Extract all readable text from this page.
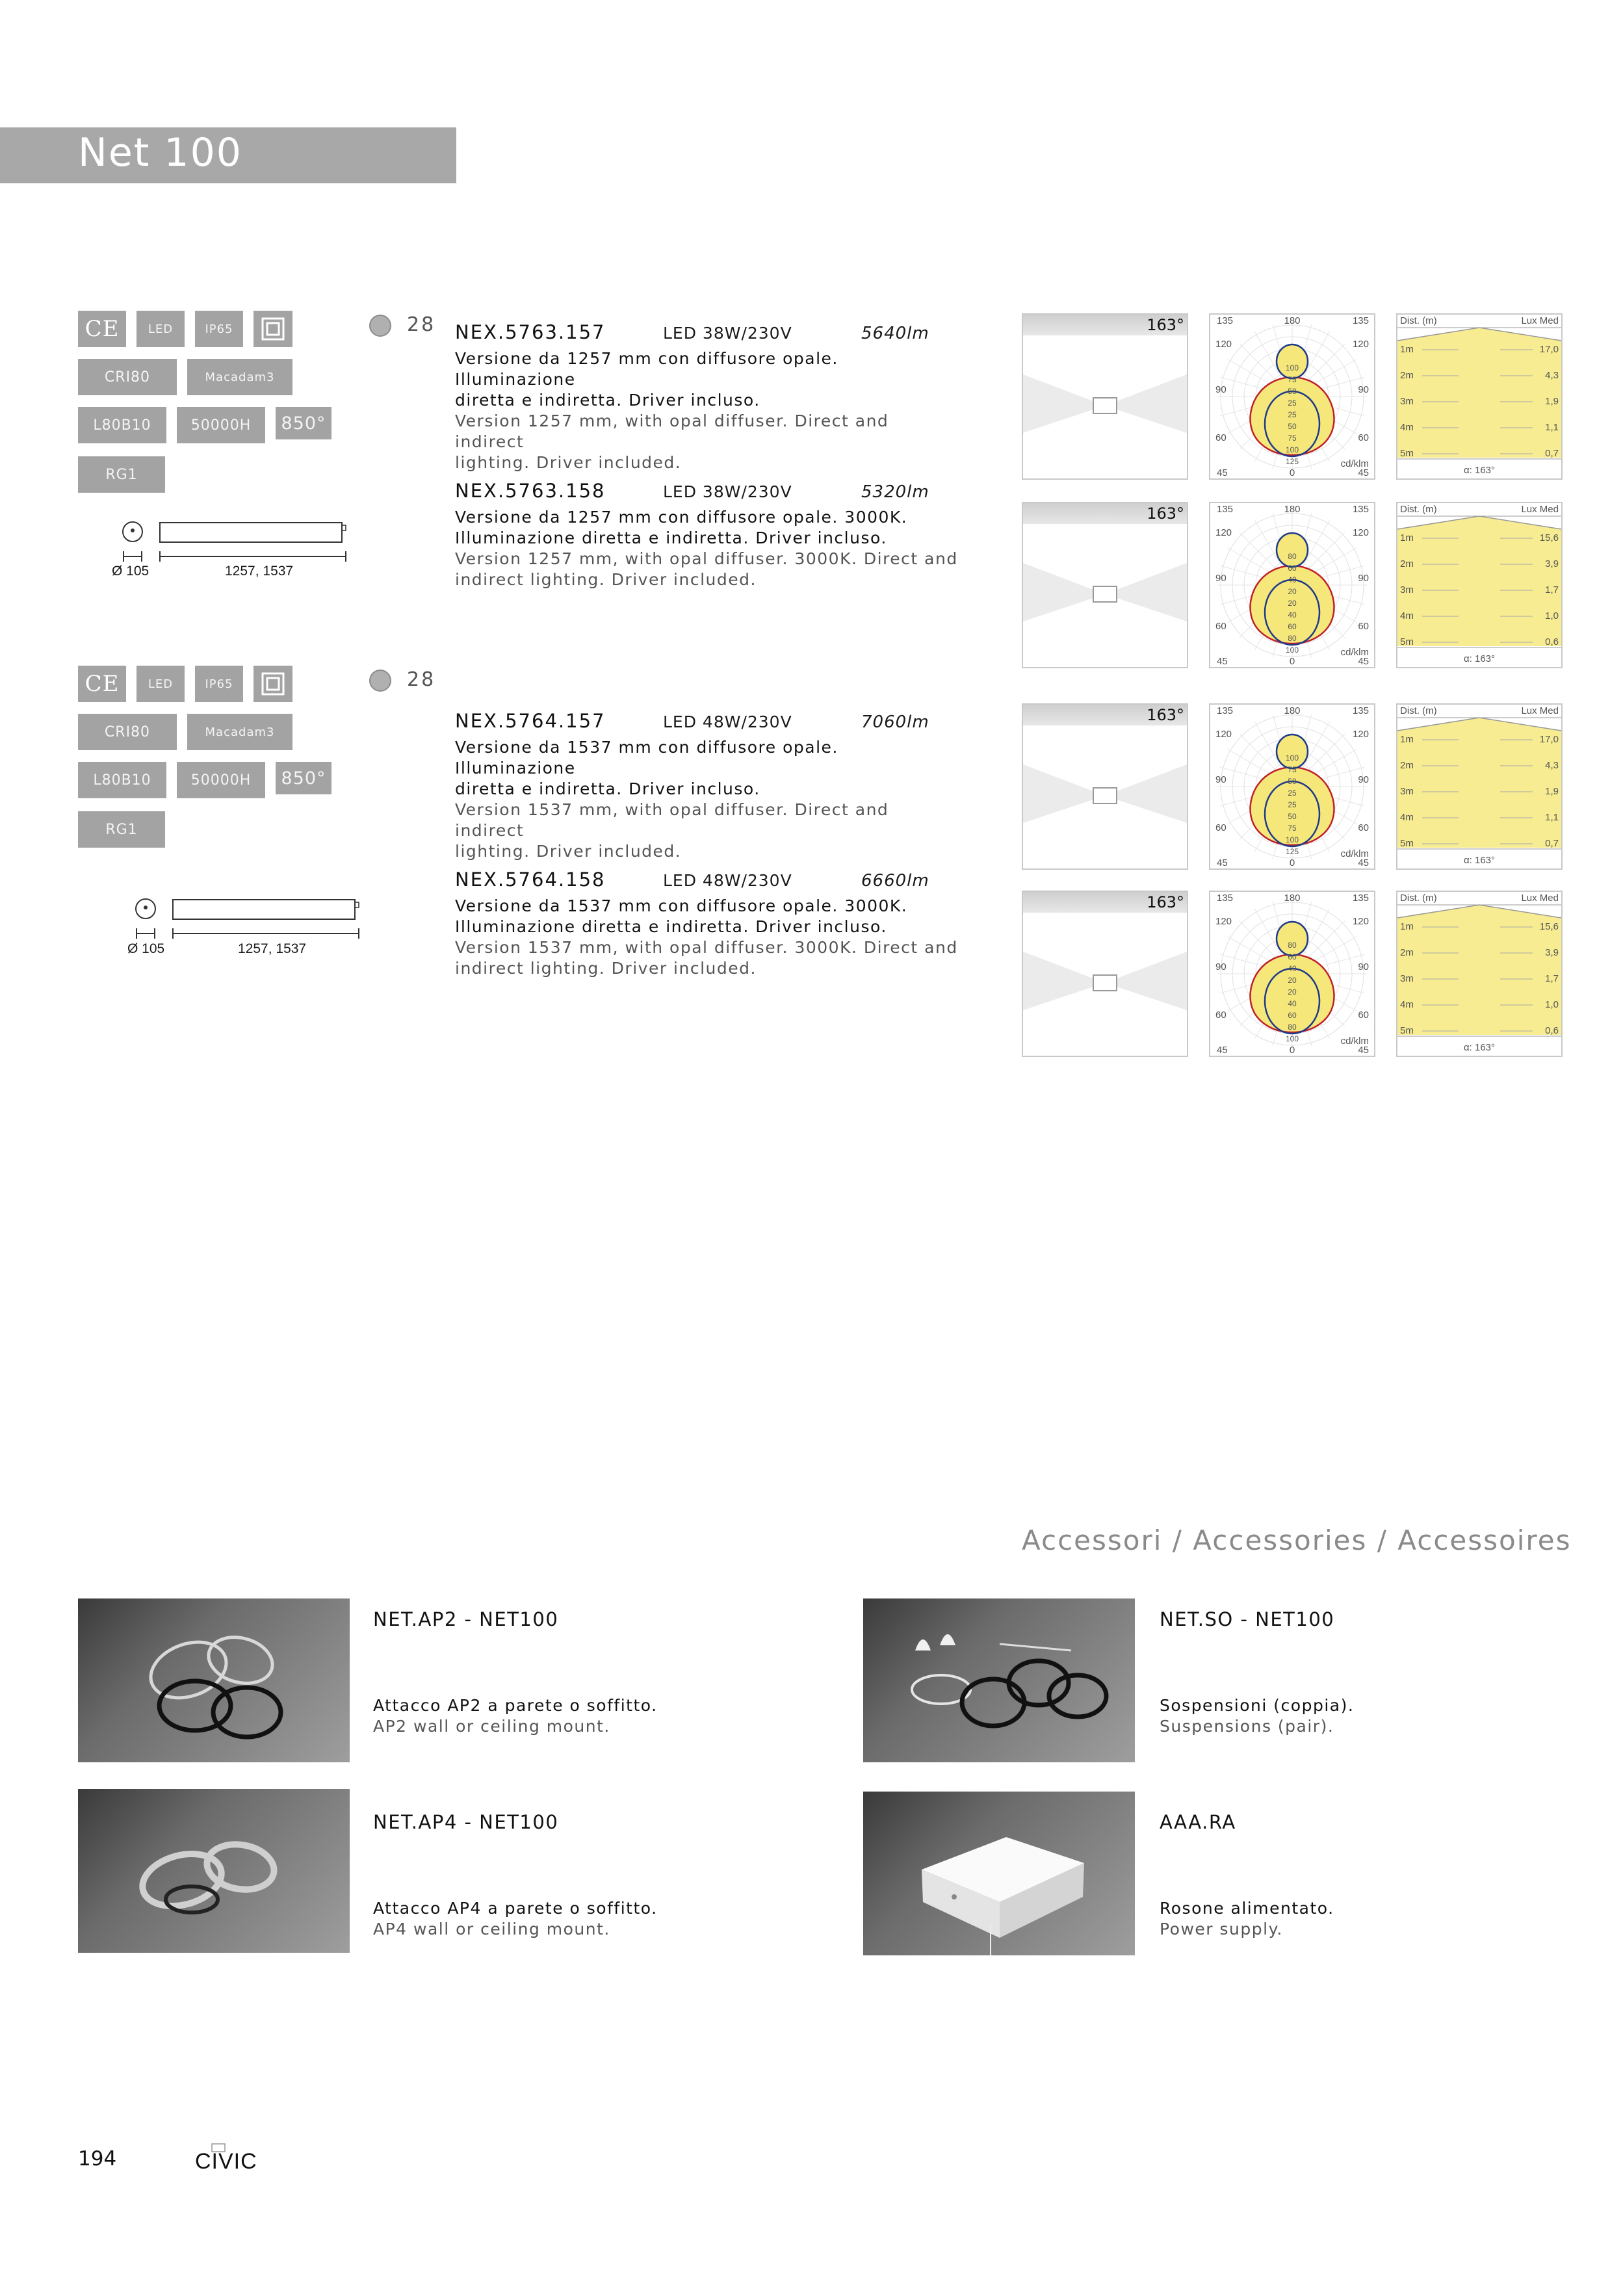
Net 100
CE LED	IP65
CRI80	Macadam3
L80B10	50000H 850°
RG1
Ø 105	1257, 1537
CE LED	IP65
CRI80	Macadam3
L80B10	50000H 850°
RG1
Ø 105	1257, 1537
28
28
NEX.5763.157	LED 38W/230V	5640lm
Versione da 1257 mm con diffusore opale. Illuminazione
diretta e indiretta. Driver incluso.
Version 1257 mm, with opal diffuser. Direct and indirect
lighting. Driver included.
NEX.5763.158	LED 38W/230V	5320lm
Versione da 1257 mm con diffusore opale. 3000K.
Illuminazione diretta e indiretta. Driver incluso.
Version 1257 mm, with opal diffuser. 3000K. Direct and
indirect lighting. Driver included.
NEX.5764.157	LED 48W/230V	7060lm
Versione da 1537 mm con diffusore opale. Illuminazione
diretta e indiretta. Driver incluso.
Version 1537 mm, with opal diffuser. Direct and indirect
lighting. Driver included.
NEX.5764.158	LED 48W/230V	6660lm
Versione da 1537 mm con diffusore opale. 3000K.
Illuminazione diretta e indiretta. Driver incluso.
Version 1537 mm, with opal diffuser. 3000K. Direct and
indirect lighting. Driver included.
163°	135	180	135
120	120
90	90
60	60
45	0	45
cd/klm
100
75
50
25
25
50
75
100
125
Dist. (m)	Lux Med
1m	17,0
2m	4,3
3m	1,9
4m	1,1
5m	0,7
α: 163°
163°	135	180	135
120	120
90	90
60	60
45	0	45
cd/klm
80
60
40
20
20
40
60
80
100
Dist. (m)	Lux Med
1m	15,6
2m	3,9
3m	1,7
4m	1,0
5m	0,6
α: 163°
163°	135	180	135
120	120
90	90
60	60
45	0	45
cd/klm
100
75
50
25
25
50
75
100
125
Dist. (m)	Lux Med
1m	17,0
2m	4,3
3m	1,9
4m	1,1
5m	0,7
α: 163°
163°	135	180	135
120	120
90	90
60	60
45	0	45
cd/klm
80
60
40
20
20
40
60
80
100
Dist. (m)	Lux Med
1m	15,6
2m	3,9
3m	1,7
4m	1,0
5m	0,6
α: 163°
Accessori / Accessories / Accessoires
NET.AP2 - NET100
Attacco AP2 a parete o soffitto.
AP2 wall or ceiling mount.
NET.SO - NET100
Sospensioni (coppia).
Suspensions (pair).
NET.AP4 - NET100
Attacco AP4 a parete o soffitto.
AP4 wall or ceiling mount.
AAA.RA
Rosone alimentato.
Power supply.
194	CIVIC
